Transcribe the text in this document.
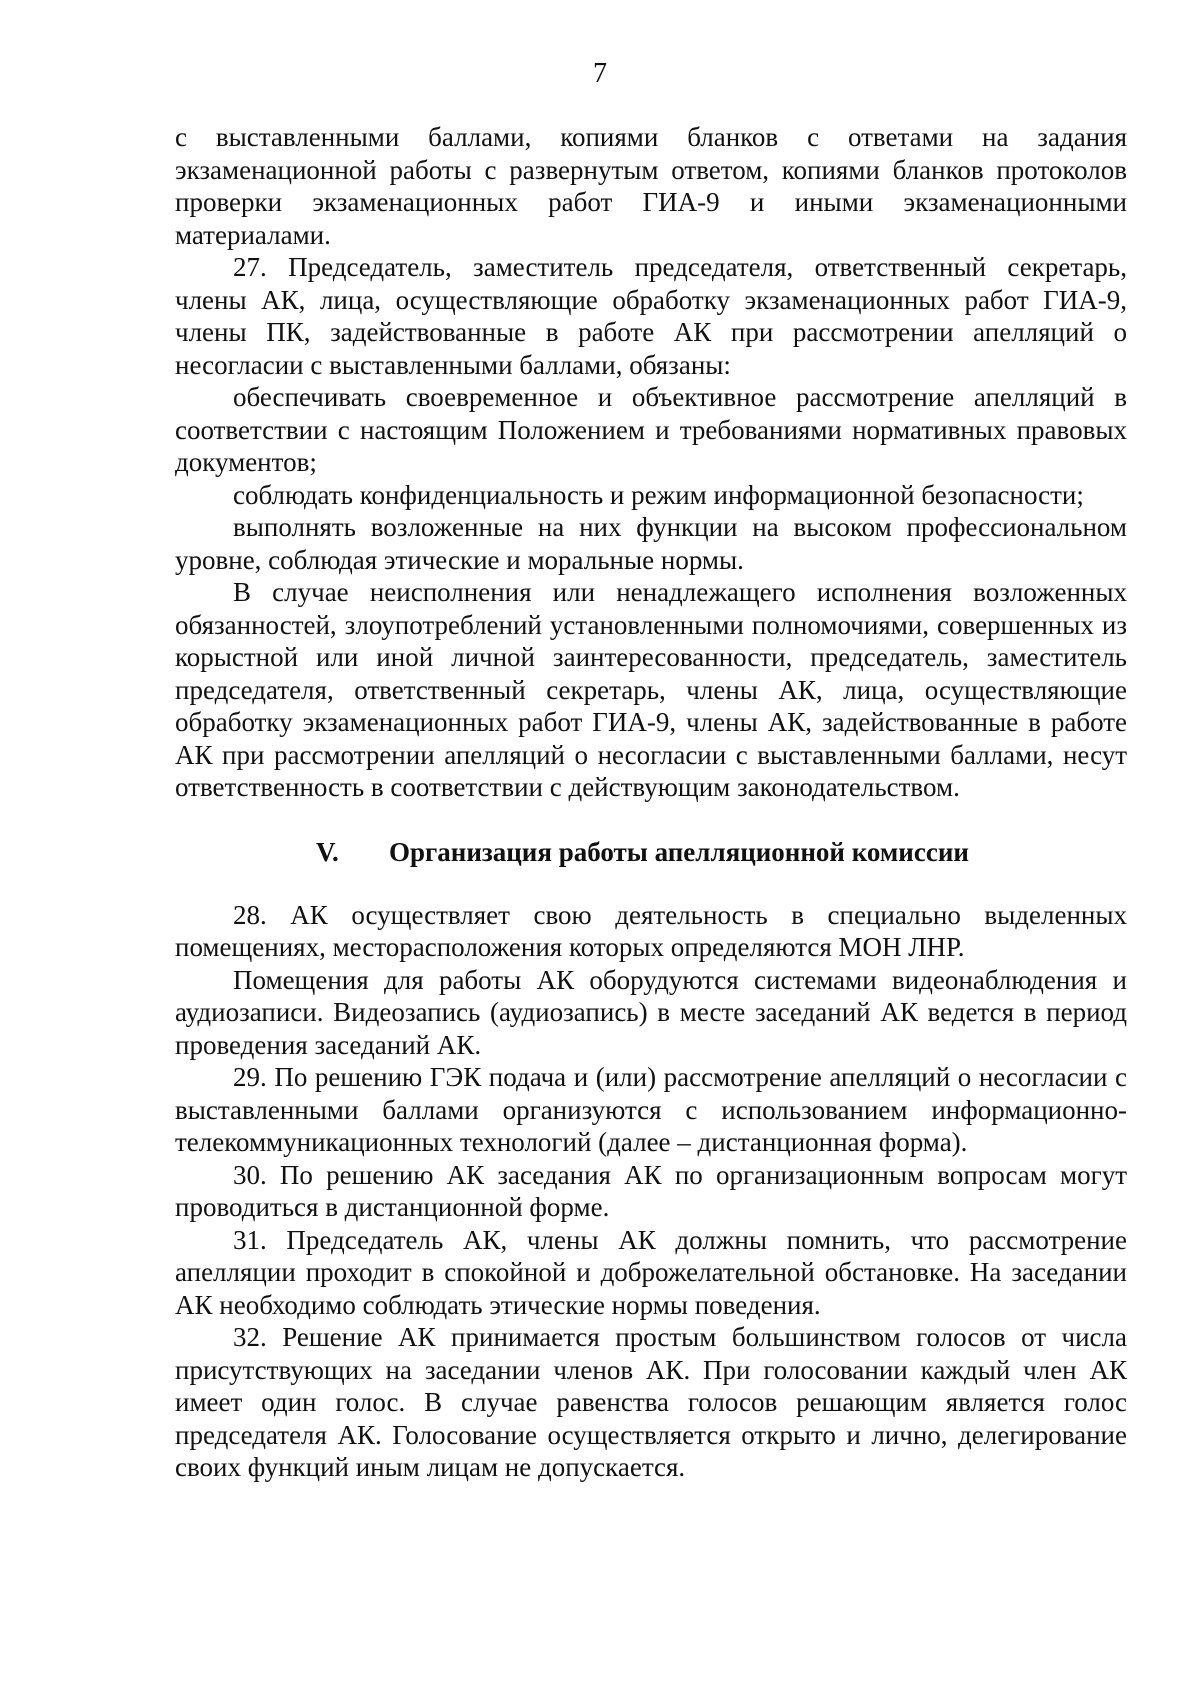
7

с выставленными баллами, копиями бланков с ответами на задания экзаменационной работы с развернутым ответом, копиями бланков протоколов проверки экзаменационных работ ГИА-9 и иными экзаменационными материалами.

27. Председатель, заместитель председателя, ответственный секретарь, члены АК, лица, осуществляющие обработку экзаменационных работ ГИА-9, члены ПК, задействованные в работе АК при рассмотрении апелляций о несогласии с выставленными баллами, обязаны:

обеспечивать своевременное и объективное рассмотрение апелляций в соответствии с настоящим Положением и требованиями нормативных правовых документов;

соблюдать конфиденциальность и режим информационной безопасности;

выполнять возложенные на них функции на высоком профессиональном уровне, соблюдая этические и моральные нормы.

В случае неисполнения или ненадлежащего исполнения возложенных обязанностей, злоупотреблений установленными полномочиями, совершенных из корыстной или иной личной заинтересованности, председатель, заместитель председателя, ответственный секретарь, члены АК, лица, осуществляющие обработку экзаменационных работ ГИА-9, члены АК, задействованные в работе АК при рассмотрении апелляций о несогласии с выставленными баллами, несут ответственность в соответствии с действующим законодательством.

V. Организация работы апелляционной комиссии

28. АК осуществляет свою деятельность в специально выделенных помещениях, месторасположения которых определяются МОН ЛНР.

Помещения для работы АК оборудуются системами видеонаблюдения и аудиозаписи. Видеозапись (аудиозапись) в месте заседаний АК ведется в период проведения заседаний АК.

29. По решению ГЭК подача и (или) рассмотрение апелляций о несогласии с выставленными баллами организуются с использованием информационно-телекоммуникационных технологий (далее – дистанционная форма).

30. По решению АК заседания АК по организационным вопросам могут проводиться в дистанционной форме.

31. Председатель АК, члены АК должны помнить, что рассмотрение апелляции проходит в спокойной и доброжелательной обстановке. На заседании АК необходимо соблюдать этические нормы поведения.

32. Решение АК принимается простым большинством голосов от числа присутствующих на заседании членов АК. При голосовании каждый член АК имеет один голос. В случае равенства голосов решающим является голос председателя АК. Голосование осуществляется открыто и лично, делегирование своих функций иным лицам не допускается.
